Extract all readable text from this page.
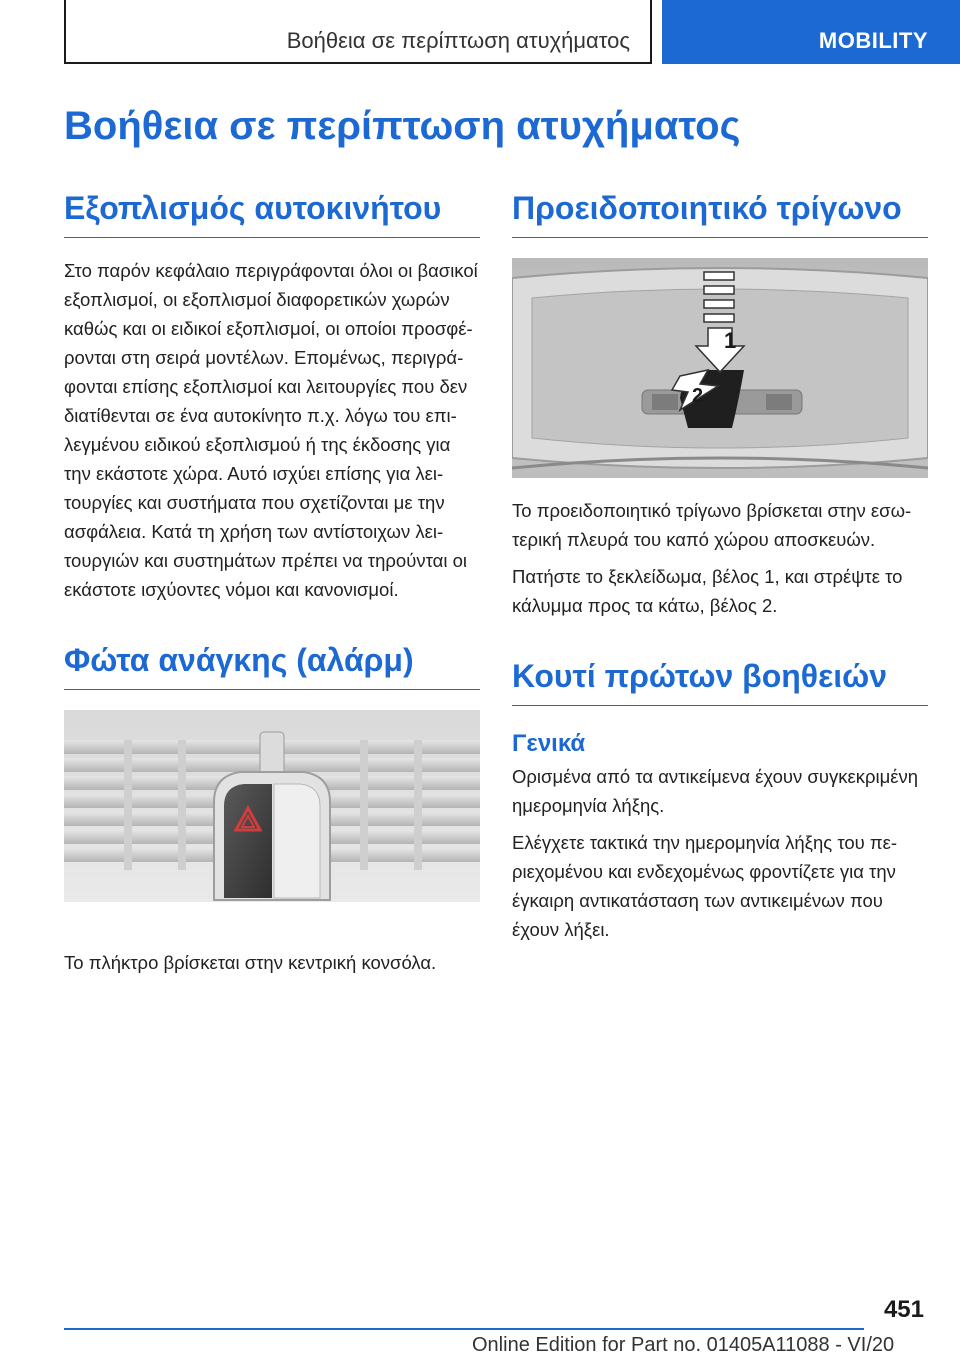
Βοήθεια σε περίπτωση ατυχήματος	MOBILITY
Βοήθεια σε περίπτωση ατυχήματος
Εξοπλισμός αυτοκινήτου

Στο παρόν κεφάλαιο περιγράφονται όλοι οι βασικοί εξοπλισμοί, οι εξοπλισμοί διαφορετικών χωρών καθώς και οι ειδικοί εξοπλισμοί, οι οποίοι προσφέρονται στη σειρά μοντέλων. Επομένως, περιγράφονται επίσης εξοπλισμοί και λειτουργίες που δεν διατίθενται σε ένα αυτοκίνητο π.χ. λόγω του επιλεγμένου ειδικού εξοπλισμού ή της έκδοσης για την εκάστοτε χώρα. Αυτό ισχύει επίσης για λειτουργίες και συστήματα που σχετίζονται με την ασφάλεια. Κατά τη χρήση των αντίστοιχων λειτουργιών και συστημάτων πρέπει να τηρούνται οι εκάστοτε ισχύοντες νόμοι και κανονισμοί.

Φώτα ανάγκης (αλάρμ)

Το πλήκτρο βρίσκεται στην κεντρική κονσόλα.

Προειδοποιητικό τρίγωνο
1
2

Το προειδοποιητικό τρίγωνο βρίσκεται στην εσωτερική πλευρά του καπό χώρου αποσκευών.

Πατήστε το ξεκλείδωμα, βέλος 1, και στρέψτε το κάλυμμα προς τα κάτω, βέλος 2.

Κουτί πρώτων βοηθειών
Γενικά

Ορισμένα από τα αντικείμενα έχουν συγκεκριμένη ημερομηνία λήξης.

Ελέγχετε τακτικά την ημερομηνία λήξης του περιεχομένου και ενδεχομένως φροντίζετε για την έγκαιρη αντικατάσταση των αντικειμένων που έχουν λήξει.

451
Online Edition for Part no. 01405A11088 - VI/20
